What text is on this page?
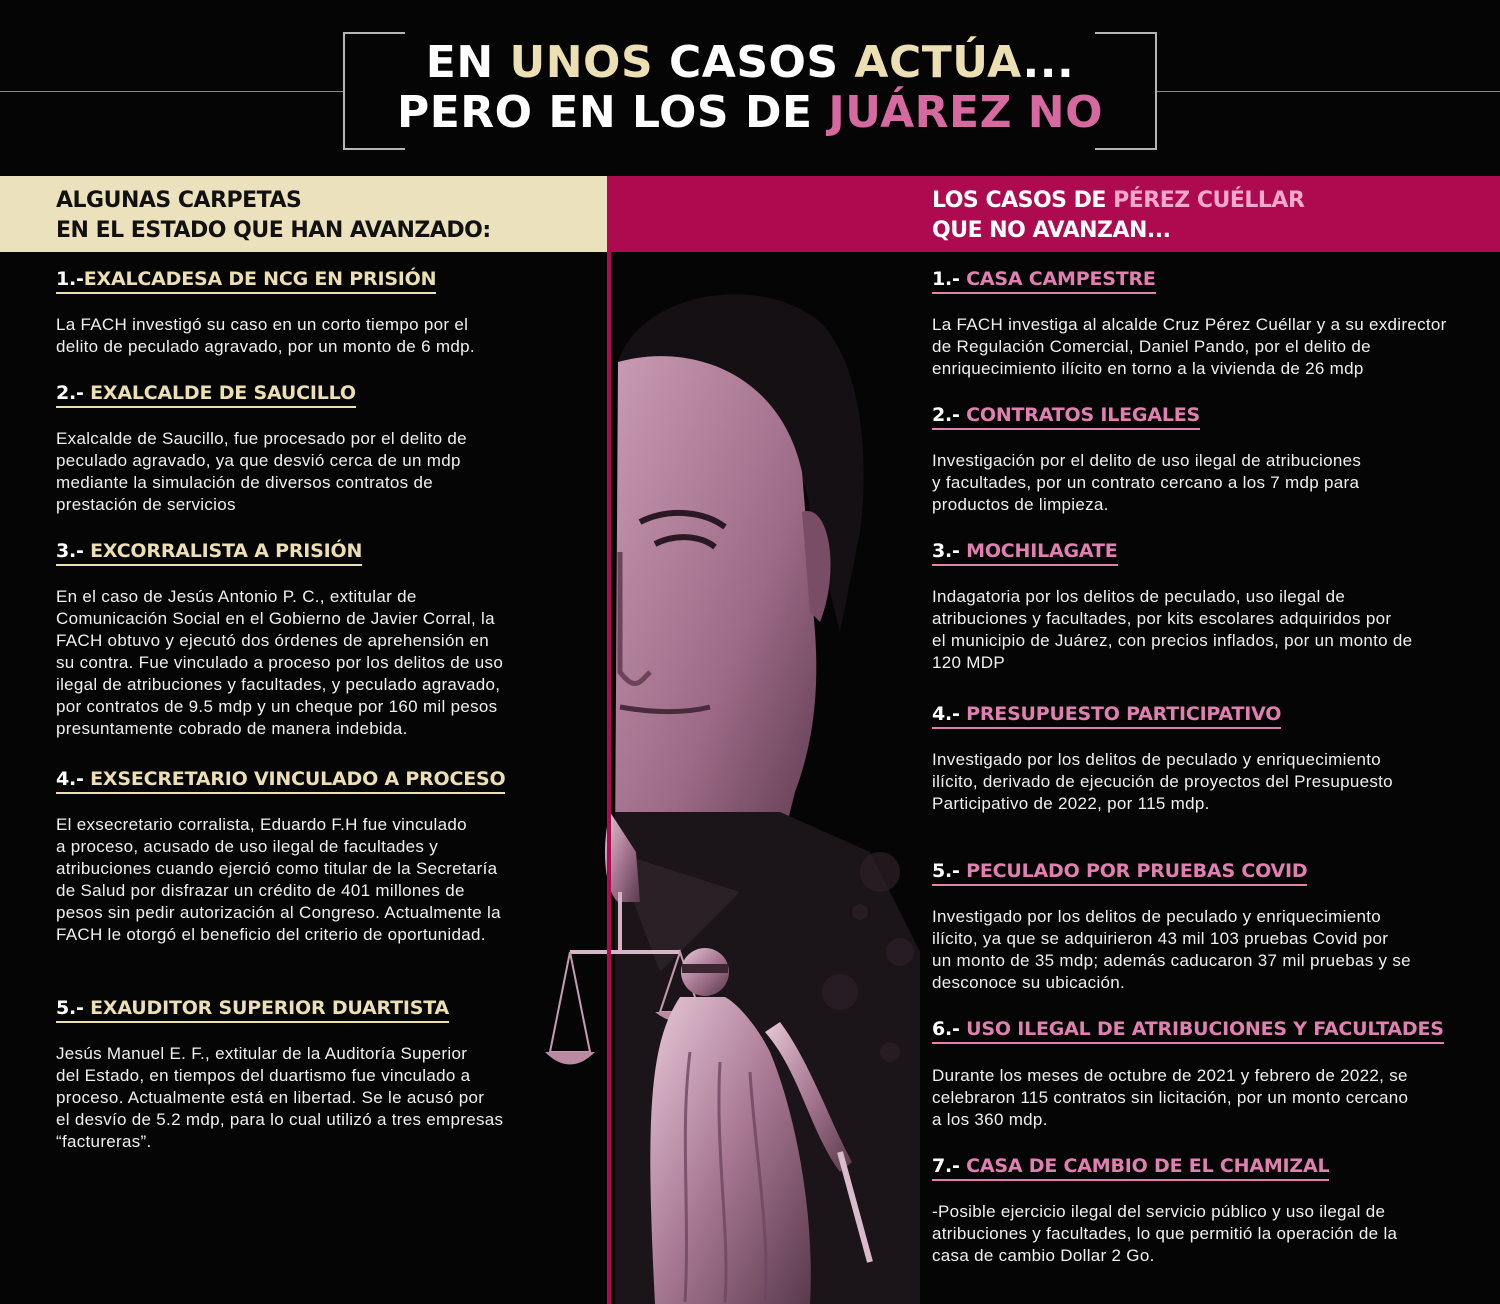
EN UNOS CASOS ACTÚA...
PERO EN LOS DE JUÁREZ NO
ALGUNAS CARPETAS
EN EL ESTADO QUE HAN AVANZADO:
LOS CASOS DE PÉREZ CUÉLLAR
QUE NO AVANZAN...
1.-EXALCADESA DE NCG EN PRISIÓN
La FACH investigó su caso en un corto tiempo por el
delito de peculado agravado, por un monto de 6 mdp.
2.- EXALCALDE DE SAUCILLO
Exalcalde de Saucillo, fue procesado por el delito de
peculado agravado, ya que desvió cerca de un mdp
mediante la simulación de diversos contratos de
prestación de servicios
3.- EXCORRALISTA A PRISIÓN
En el caso de Jesús Antonio P. C., extitular de
Comunicación Social en el Gobierno de Javier Corral, la
FACH obtuvo y ejecutó dos órdenes de aprehensión en
su contra. Fue vinculado a proceso por los delitos de uso
ilegal de atribuciones y facultades, y peculado agravado,
por contratos de 9.5 mdp y un cheque por 160 mil pesos
presuntamente cobrado de manera indebida.
4.- EXSECRETARIO VINCULADO A PROCESO
El exsecretario corralista, Eduardo F.H fue vinculado
a proceso, acusado de uso ilegal de facultades y
atribuciones cuando ejerció como titular de la Secretaría
de Salud por disfrazar un crédito de 401 millones de
pesos sin pedir autorización al Congreso. Actualmente la
FACH le otorgó el beneficio del criterio de oportunidad.
5.- EXAUDITOR SUPERIOR DUARTISTA
Jesús Manuel E. F., extitular de la Auditoría Superior
del Estado, en tiempos del duartismo fue vinculado a
proceso. Actualmente está en libertad. Se le acusó por
el desvío de 5.2 mdp, para lo cual utilizó a tres empresas
“factureras”.
1.- CASA CAMPESTRE
La FACH investiga al alcalde Cruz Pérez Cuéllar y a su exdirector
de Regulación Comercial, Daniel Pando, por el delito de
enriquecimiento ilícito en torno a la vivienda de 26 mdp
2.- CONTRATOS ILEGALES
Investigación por el delito de uso ilegal de atribuciones
y facultades, por un contrato cercano a los 7 mdp para
productos de limpieza.
3.- MOCHILAGATE
Indagatoria por los delitos de peculado, uso ilegal de
atribuciones y facultades, por kits escolares adquiridos por
el municipio de Juárez, con precios inflados, por un monto de
120 MDP
4.- PRESUPUESTO PARTICIPATIVO
Investigado por los delitos de peculado y enriquecimiento
ilícito, derivado de ejecución de proyectos del Presupuesto
Participativo de 2022, por 115 mdp.
5.- PECULADO POR PRUEBAS COVID
Investigado por los delitos de peculado y enriquecimiento
ilícito, ya que se adquirieron 43 mil 103 pruebas Covid por
un monto de 35 mdp; además caducaron 37 mil pruebas y se
desconoce su ubicación.
6.- USO ILEGAL DE ATRIBUCIONES Y FACULTADES
Durante los meses de octubre de 2021 y febrero de 2022, se
celebraron 115 contratos sin licitación, por un monto cercano
a los 360 mdp.
7.- CASA DE CAMBIO DE EL CHAMIZAL
-Posible ejercicio ilegal del servicio público y uso ilegal de
atribuciones y facultades, lo que permitió la operación de la
casa de cambio Dollar 2 Go.
